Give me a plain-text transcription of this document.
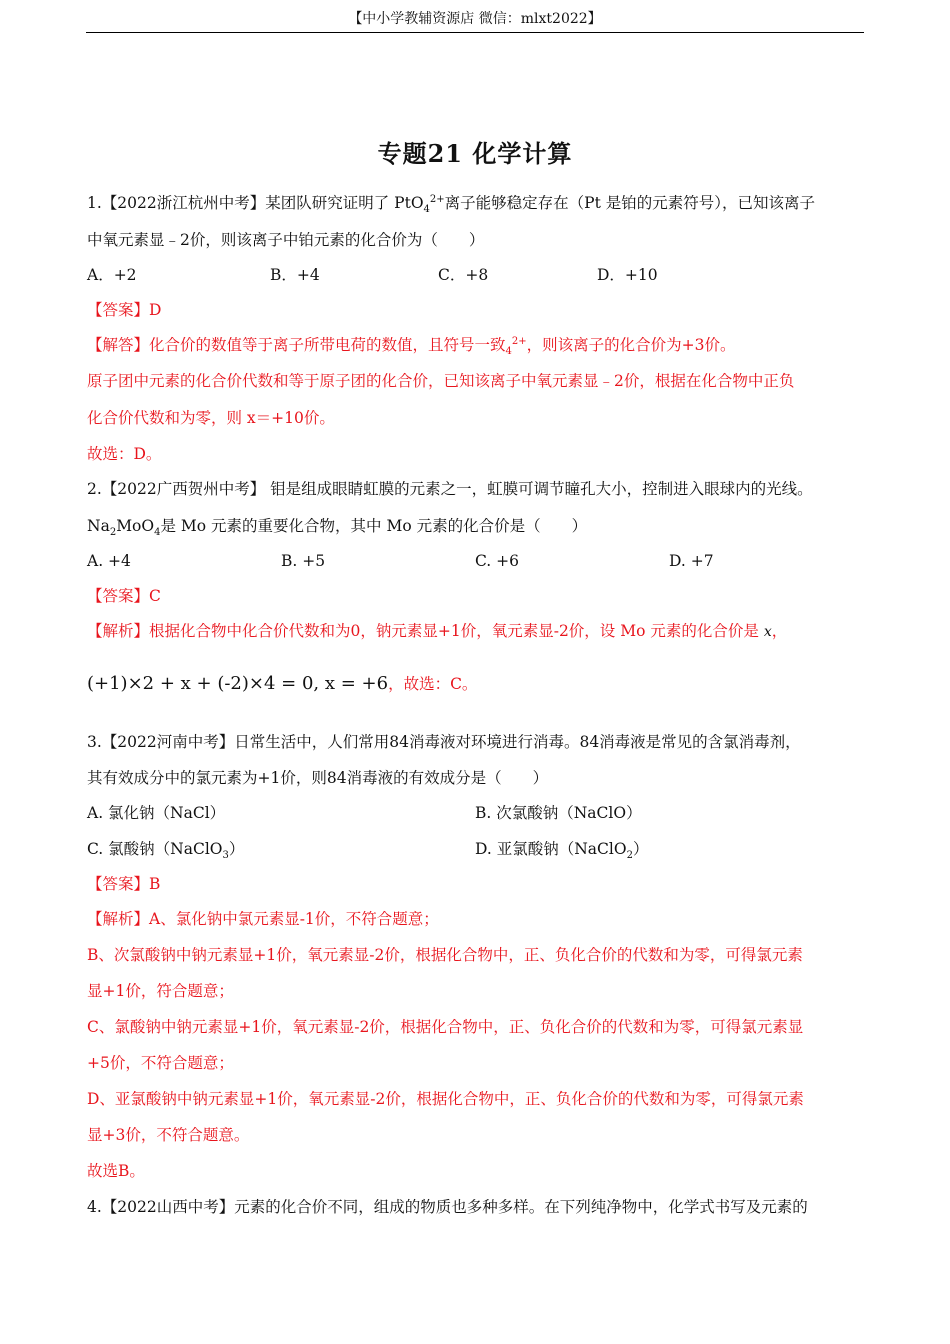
【中小学教辅资源店 微信：mlxt2022】
专题21 化学计算
1.【2022浙江杭州中考】某团队研究证明了 PtO$_4^{2+}$离子能够稳定存在（Pt 是铂的元素符号），已知该离子
中氧元素显﹣2价，则该离子中铂元素的化合价为（　　）
A．+2	B．+4	C．+8	D．+10
【答案】D
【解答】化合价的数值等于离子所带电荷的数值，且符号一致$_4^{2+}$，则该离子的化合价为+3价。
原子团中元素的化合价代数和等于原子团的化合价，已知该离子中氧元素显﹣2价，根据在化合物中正负
化合价代数和为零，则 x＝+10价。
故选：D。
2.【2022广西贺州中考】 钼是组成眼睛虹膜的元素之一，虹膜可调节瞳孔大小，控制进入眼球内的光线。
$Na_2MoO_4$是 Mo 元素的重要化合物，其中 Mo 元素的化合价是（　　）
A. +4	B. +5	C. +6	D. +7
【答案】C
【解析】根据化合物中化合价代数和为0，钠元素显+1价，氧元素显-2价，设 Mo 元素的化合价是 x，
(+1)×2 + x + (-2)×4 = 0, x = +6，故选：C。
3.【2022河南中考】日常生活中，人们常用84消毒液对环境进行消毒。84消毒液是常见的含氯消毒剂，
其有效成分中的氯元素为+1价，则84消毒液的有效成分是（　　）
A. 氯化钠（NaCl）	B. 次氯酸钠（NaClO）
C. 氯酸钠（NaClO$_3$）	D. 亚氯酸钠（NaClO$_2$）
【答案】B
【解析】A、氯化钠中氯元素显-1价，不符合题意；
B、次氯酸钠中钠元素显+1价，氧元素显-2价，根据化合物中，正、负化合价的代数和为零，可得氯元素
显+1价，符合题意；
C、氯酸钠中钠元素显+1价，氧元素显-2价，根据化合物中，正、负化合价的代数和为零，可得氯元素显
+5价，不符合题意；
D、亚氯酸钠中钠元素显+1价，氧元素显-2价，根据化合物中，正、负化合价的代数和为零，可得氯元素
显+3价，不符合题意。
故选B。
4.【2022山西中考】元素的化合价不同，组成的物质也多种多样。在下列纯净物中，化学式书写及元素的
